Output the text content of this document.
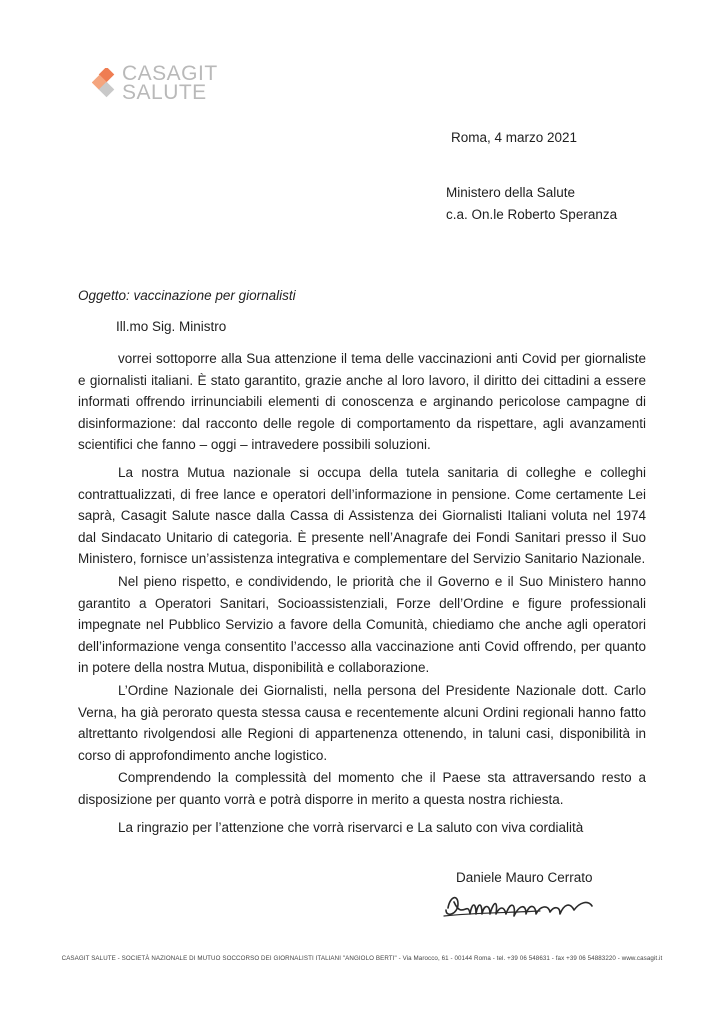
CASAGIT
SALUTE
Roma, 4 marzo 2021
Ministero della Salute
c.a. On.le Roberto Speranza
Oggetto: vaccinazione per giornalisti
Ill.mo Sig. Ministro

vorrei sottoporre alla Sua attenzione il tema delle vaccinazioni anti Covid per giornaliste e giornalisti italiani. È stato garantito, grazie anche al loro lavoro, il diritto dei cittadini a essere informati offrendo irrinunciabili elementi di conoscenza e arginando pericolose campagne di disinformazione: dal racconto delle regole di comportamento da rispettare, agli avanzamenti scientifici che fanno – oggi – intravedere possibili soluzioni.

La nostra Mutua nazionale si occupa della tutela sanitaria di colleghe e colleghi contrattualizzati, di free lance e operatori dell’informazione in pensione. Come certamente Lei saprà, Casagit Salute nasce dalla Cassa di Assistenza dei Giornalisti Italiani voluta nel 1974 dal Sindacato Unitario di categoria. È presente nell’Anagrafe dei Fondi Sanitari presso il Suo Ministero, fornisce un’assistenza integrativa e complementare del Servizio Sanitario Nazionale.

Nel pieno rispetto, e condividendo, le priorità che il Governo e il Suo Ministero hanno garantito a Operatori Sanitari, Socioassistenziali, Forze dell’Ordine e figure professionali impegnate nel Pubblico Servizio a favore della Comunità, chiediamo che anche agli operatori dell’informazione venga consentito l’accesso alla vaccinazione anti Covid offrendo, per quanto in potere della nostra Mutua, disponibilità e collaborazione.

L’Ordine Nazionale dei Giornalisti, nella persona del Presidente Nazionale dott. Carlo Verna, ha già perorato questa stessa causa e recentemente alcuni Ordini regionali hanno fatto altrettanto rivolgendosi alle Regioni di appartenenza ottenendo, in taluni casi, disponibilità in corso di approfondimento anche logistico.

Comprendendo la complessità del momento che il Paese sta attraversando resto a disposizione per quanto vorrà e potrà disporre in merito a questa nostra richiesta.

La ringrazio per l’attenzione che vorrà riservarci e La saluto con viva cordialità

Daniele Mauro Cerrato
CASAGIT SALUTE - SOCIETÀ NAZIONALE DI MUTUO SOCCORSO DEI GIORNALISTI ITALIANI "ANGIOLO BERTI" - Via Marocco, 61 - 00144 Roma - tel. +39 06 548631 - fax +39 06 54883220 - www.casagit.it
